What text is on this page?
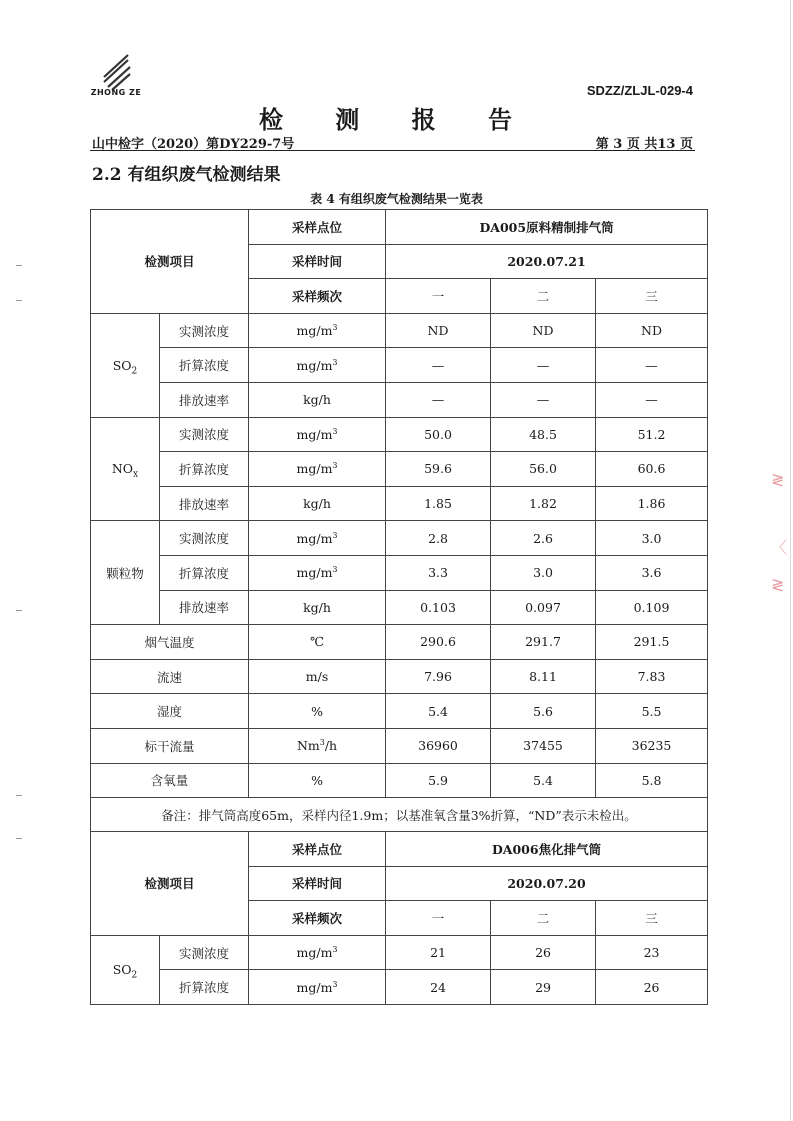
ZHONG ZE	SDZZ/ZLJL-029-4
检 测 报 告
山中检字（2020）第DY229-7号	第 3 页 共13 页
2.2 有组织废气检测结果
表 4 有组织废气检测结果一览表
≷
〈
≷
检测项目		采样点位	DA005原料精制排气筒		
		采样时间	2020.07.21		
		采样频次	一	二	三
$SO_2$	实测浓度	$mg/m^3$	ND	ND	ND
	折算浓度	$mg/m^3$	—	—	—
	排放速率	kg/h	—	—	—
$NO_x$	实测浓度	$mg/m^3$	50.0	48.5	51.2
	折算浓度	$mg/m^3$	59.6	56.0	60.6
	排放速率	kg/h	1.85	1.82	1.86
颗粒物	实测浓度	$mg/m^3$	2.8	2.6	3.0
	折算浓度	$mg/m^3$	3.3	3.0	3.6
	排放速率	kg/h	0.103	0.097	0.109
烟气温度		℃	290.6	291.7	291.5
流速		m/s	7.96	8.11	7.83
湿度		%	5.4	5.6	5.5
标干流量		Nm$^3$/h	36960	37455	36235
含氧量		%	5.9	5.4	5.8
备注：排气筒高度65m，采样内径1.9m；以基准氧含量3%折算，“ND”表示未检出。					
检测项目		采样点位	DA006焦化排气筒		
		采样时间	2020.07.20		
		采样频次	一	二	三
$SO_2$	实测浓度	$mg/m^3$	21	26	23
	折算浓度	$mg/m^3$	24	29	26
